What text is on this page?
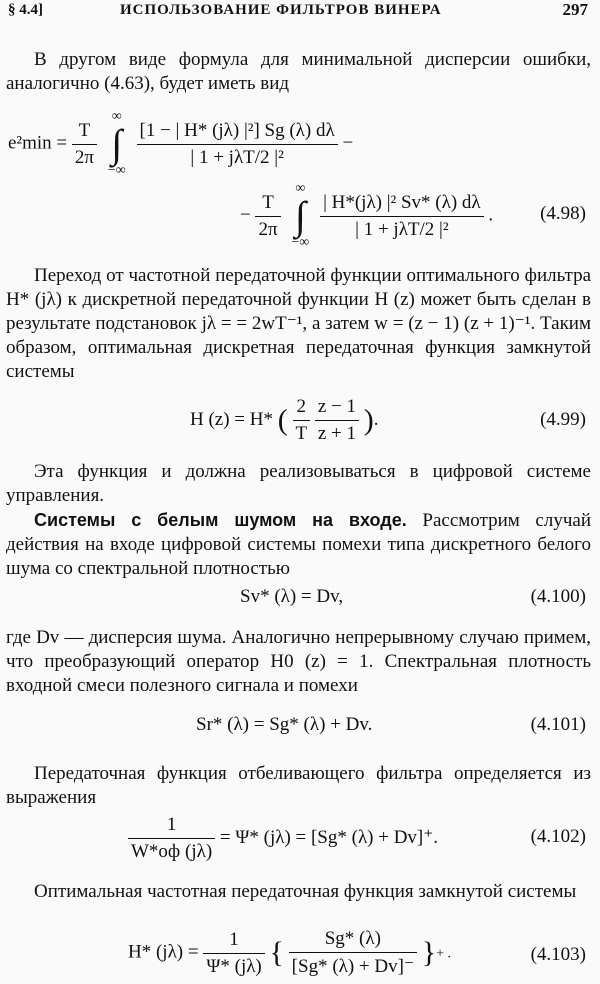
§ 4.4]	ИСПОЛЬЗОВАНИЕ ФИЛЬТРОВ ВИНЕРА	297
В другом виде формула для минимальной дисперсии ошибки, аналогично (4.63), будет иметь вид
$e^2\min = \frac{T}{2\pi}$

∞
∫
−∞

$\frac{\text{[1 − | H* (jλ) |²] Sg (λ) dλ}}{\text{| 1 + jλT/2 |²}}$ −
− $\frac{T}{2\pi}$

∞
∫
−∞

$\frac{\text{| H*(jλ) |² Sv* (λ) dλ}}{\text{| 1 + jλT/2 |²}}$ . (4.98)
Переход от частотной передаточной функции оптимального фильтра H* (jλ) к дискретной передаточной функции H (z) может быть сделан в результате подстановок jλ = = 2wT⁻¹, а затем w = (z − 1) (z + 1)⁻¹. Таким образом, оптимальная дискретная передаточная функция замкнутой системы
H (z) = H* ( $\frac{2}{T}$
$\frac{z - 1}{z + 1}$ ).	(4.99)
Эта функция и должна реализовываться в цифровой системе управления.
Системы с белым шумом на входе. Рассмотрим случай действия на входе цифровой системы помехи типа дискретного белого шума со спектральной плотностью
Sv* (λ) = Dv,	(4.100)
где Dv — дисперсия шума. Аналогично непрерывному случаю примем, что преобразующий оператор H0 (z) = 1. Спектральная плотность входной смеси полезного сигнала и помехи
Sr* (λ) = Sg* (λ) + Dv.	(4.101)
Передаточная функция отбеливающего фильтра определяется из выражения
$\frac{1}{W*оф (j\lambda)} = \Psi*$ (jλ) = [Sg* (λ) + Dv]⁺.	(4.102)
Оптимальная частотная передаточная функция замкнутой системы
H* $(j\lambda) = \frac{1}{\Psi* (j\lambda)}$ { $\frac{Sg* (\lambda)}{[Sg* (\lambda) + Dv]^-}$ }+ .	(4.103)
